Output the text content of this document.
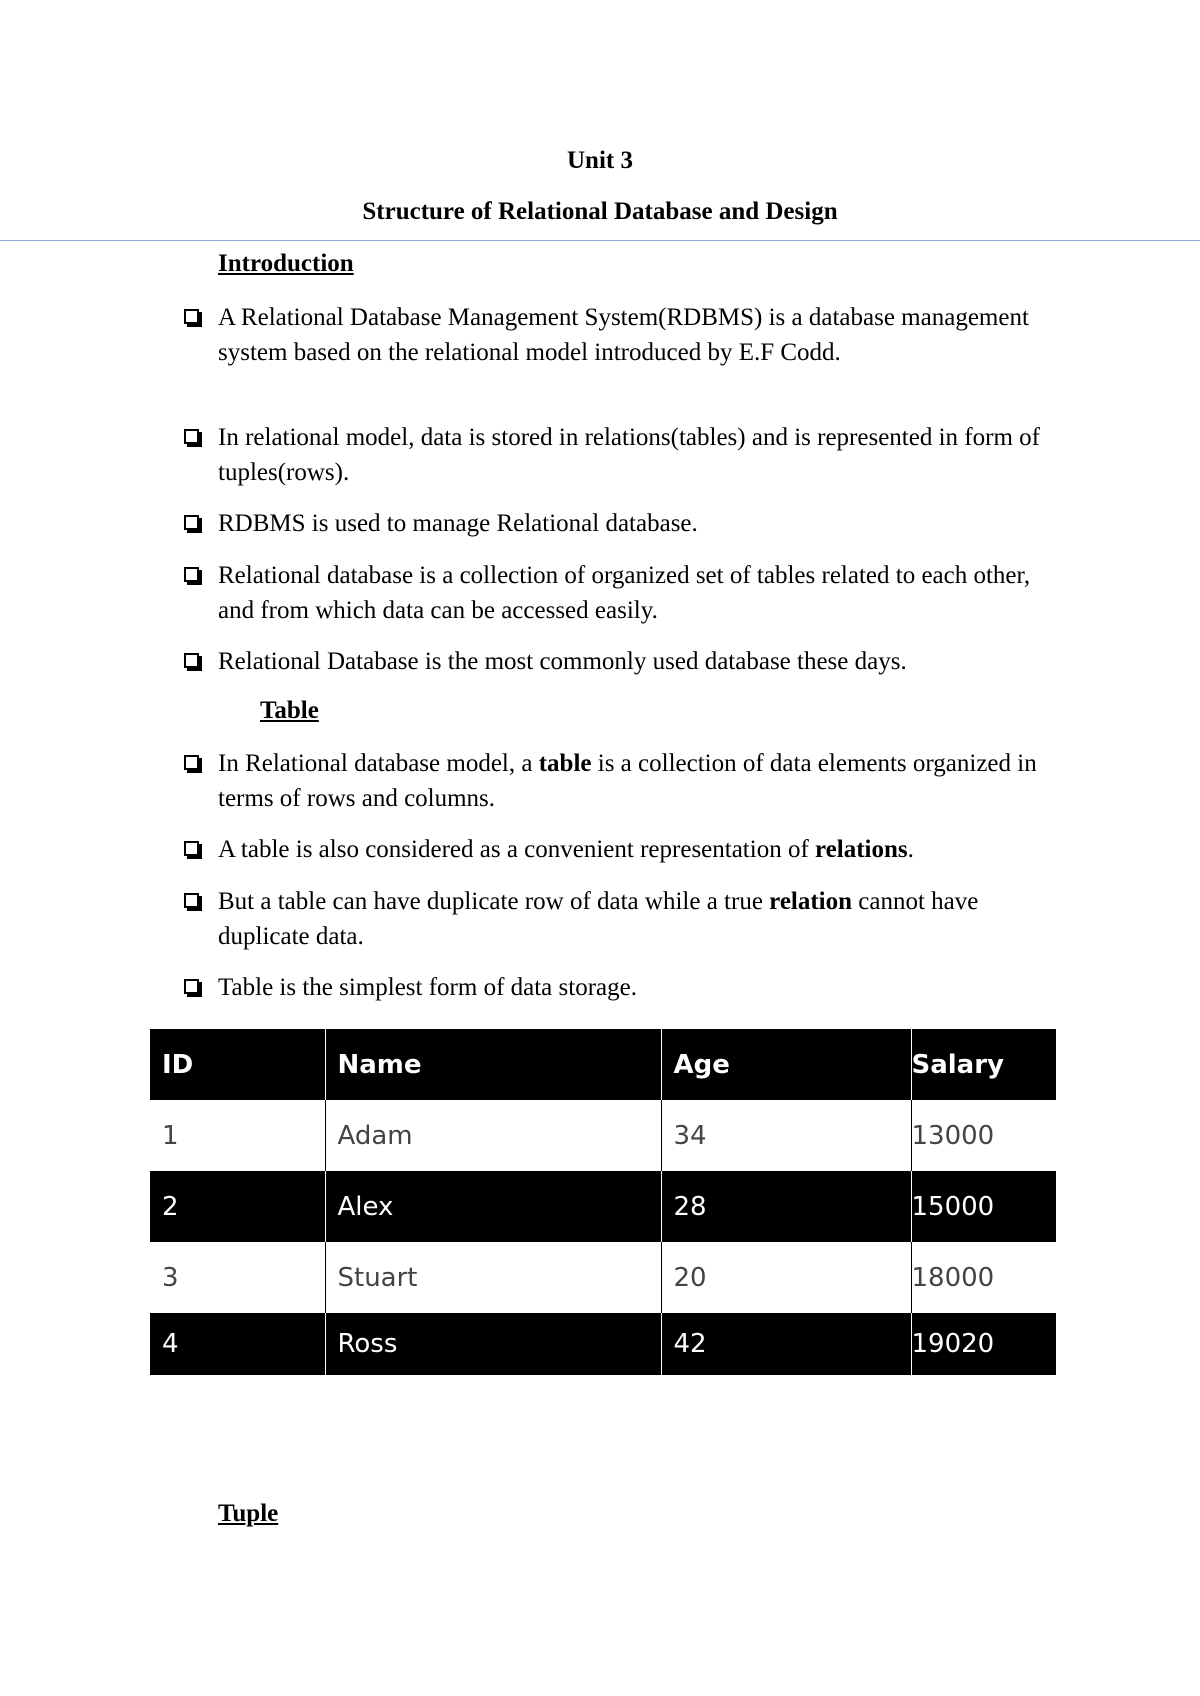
Unit 3
Structure of Relational Database and Design
Introduction
A Relational Database Management System(RDBMS) is a database management system based on the relational model introduced by E.F Codd.
In relational model, data is stored in relations(tables) and is represented in form of tuples(rows).
RDBMS is used to manage Relational database.
Relational database is a collection of organized set of tables related to each other, and from which data can be accessed easily.
Relational Database is the most commonly used database these days.
Table
In Relational database model, a table is a collection of data elements organized in terms of rows and columns.
A table is also considered as a convenient representation of relations.
But a table can have duplicate row of data while a true relation cannot have duplicate data.
Table is the simplest form of data storage.
ID	Name	Age	Salary
1	Adam	34	13000
2	Alex	28	15000
3	Stuart	20	18000
4	Ross	42	19020
Tuple
